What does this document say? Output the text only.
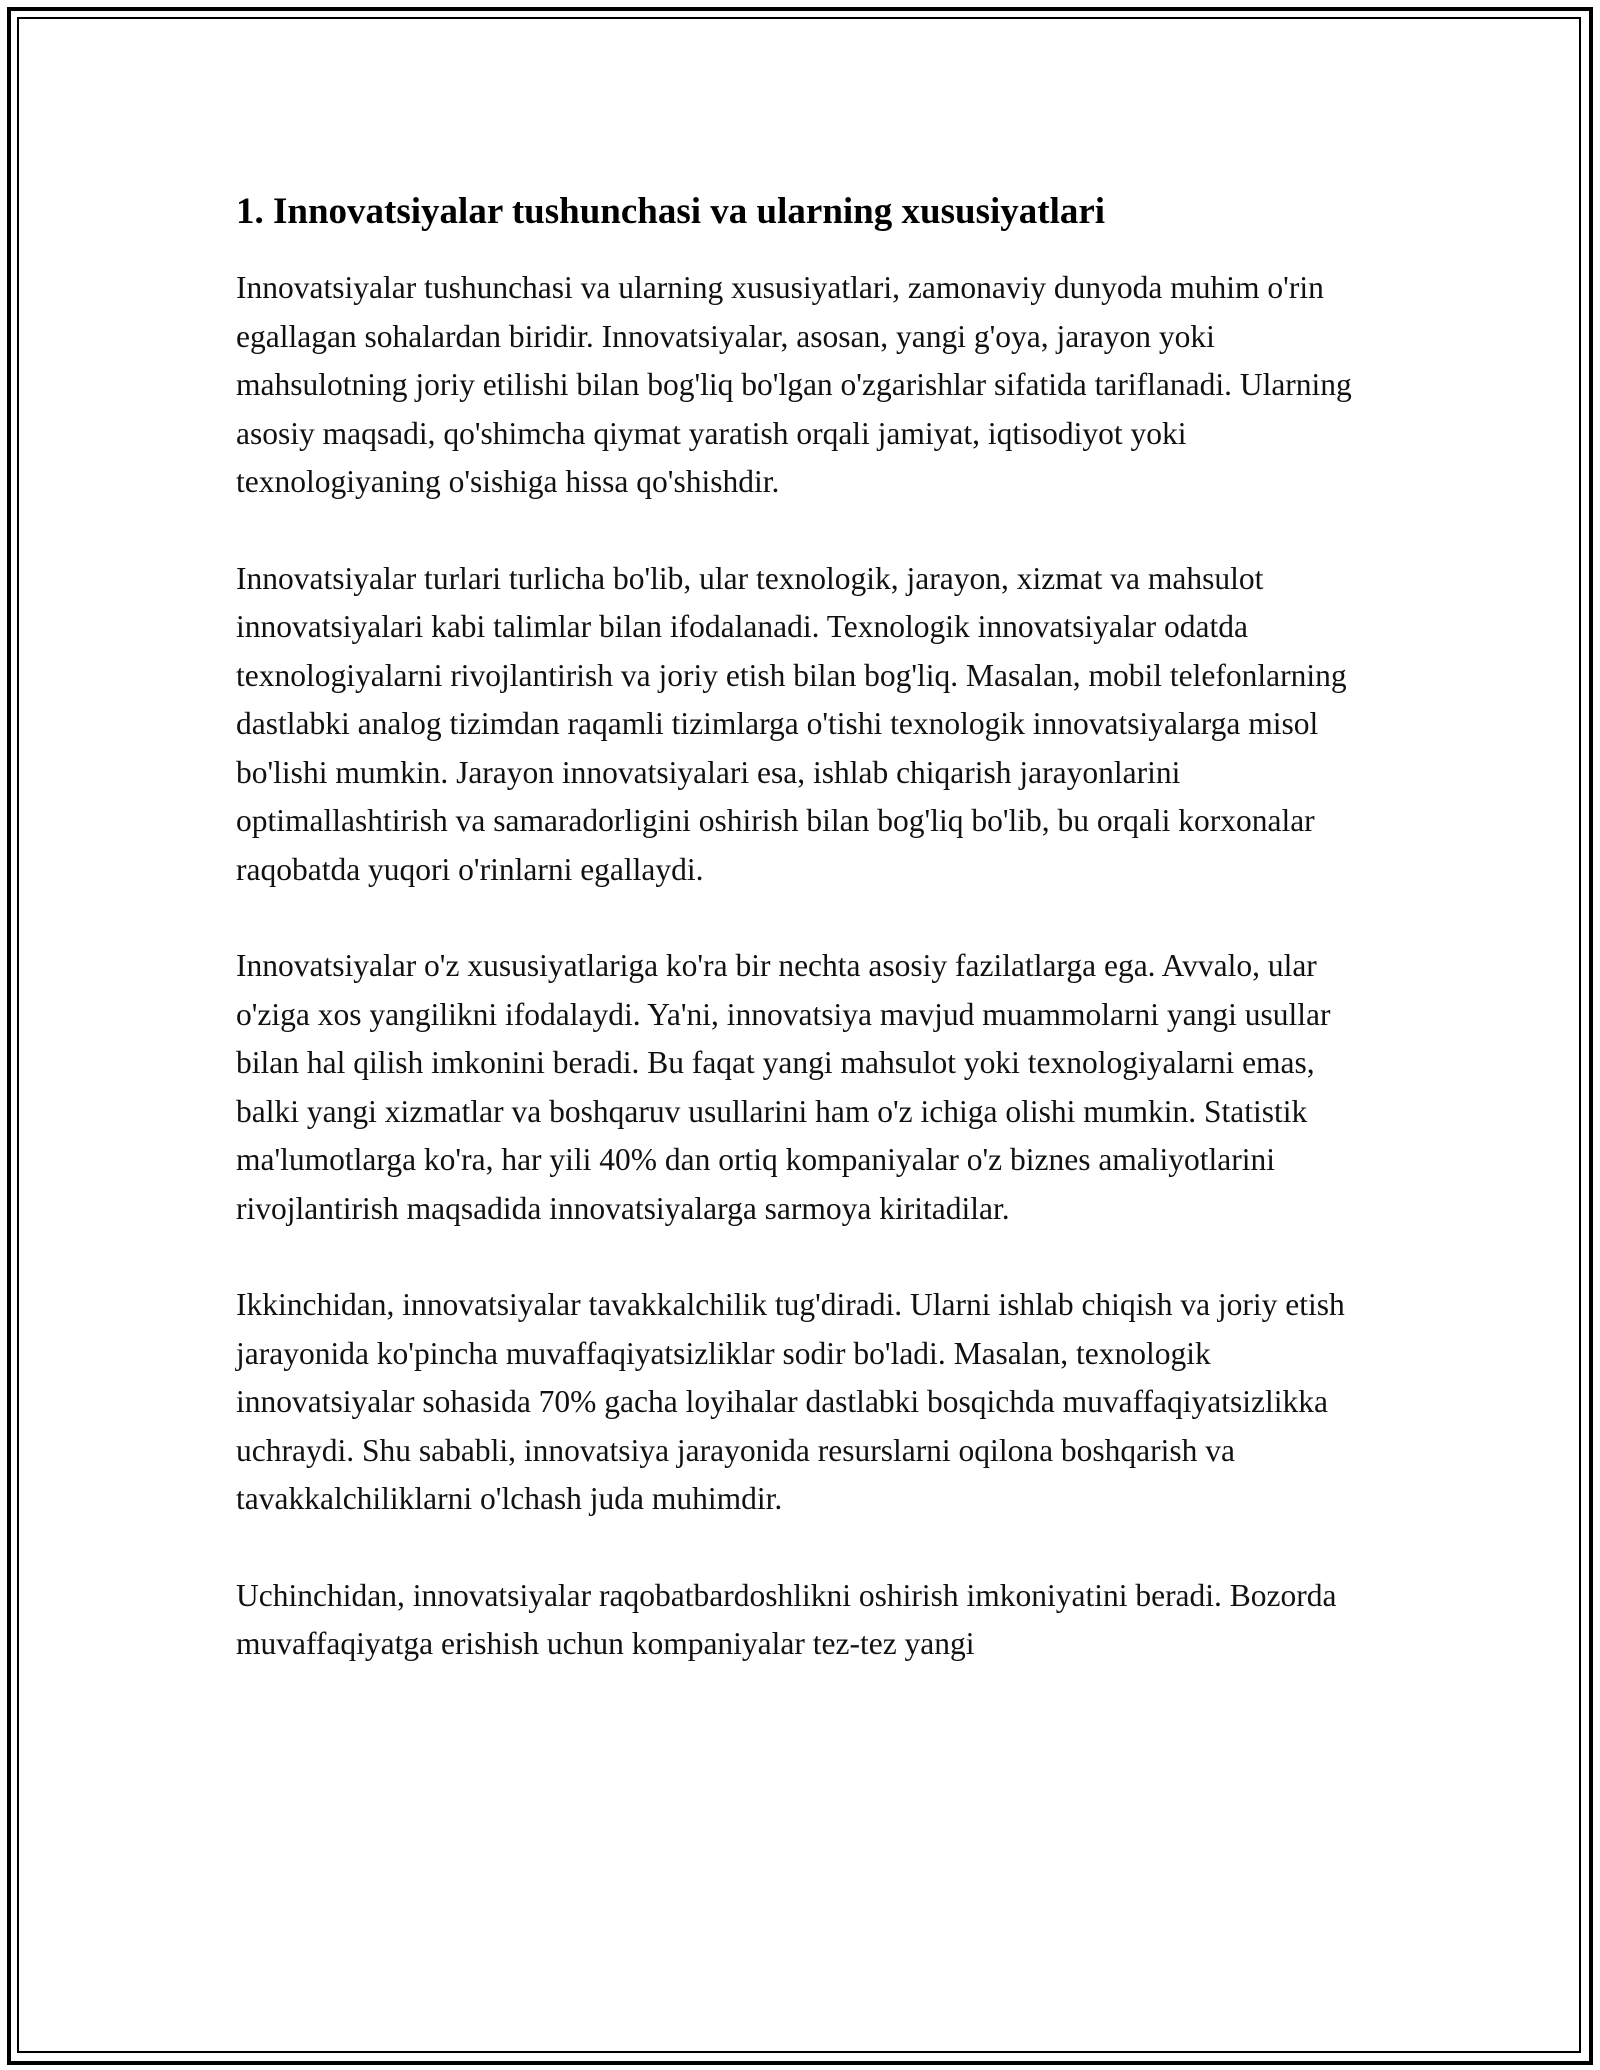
1. Innovatsiyalar tushunchasi va ularning xususiyatlari

Innovatsiyalar tushunchasi va ularning xususiyatlari, zamonaviy dunyoda muhim o'rin egallagan sohalardan biridir. Innovatsiyalar, asosan, yangi g'oya, jarayon yoki mahsulotning joriy etilishi bilan bog'liq bo'lgan o'zgarishlar sifatida tariflanadi. Ularning asosiy maqsadi, qo'shimcha qiymat yaratish orqali jamiyat, iqtisodiyot yoki texnologiyaning o'sishiga hissa qo'shishdir.

Innovatsiyalar turlari turlicha bo'lib, ular texnologik, jarayon, xizmat va mahsulot innovatsiyalari kabi talimlar bilan ifodalanadi. Texnologik innovatsiyalar odatda texnologiyalarni rivojlantirish va joriy etish bilan bog'liq. Masalan, mobil telefonlarning dastlabki analog tizimdan raqamli tizimlarga o'tishi texnologik innovatsiyalarga misol bo'lishi mumkin. Jarayon innovatsiyalari esa, ishlab chiqarish jarayonlarini optimallashtirish va samaradorligini oshirish bilan bog'liq bo'lib, bu orqali korxonalar raqobatda yuqori o'rinlarni egallaydi.

Innovatsiyalar o'z xususiyatlariga ko'ra bir nechta asosiy fazilatlarga ega. Avvalo, ular o'ziga xos yangilikni ifodalaydi. Ya'ni, innovatsiya mavjud muammolarni yangi usullar bilan hal qilish imkonini beradi. Bu faqat yangi mahsulot yoki texnologiyalarni emas, balki yangi xizmatlar va boshqaruv usullarini ham o'z ichiga olishi mumkin. Statistik ma'lumotlarga ko'ra, har yili 40% dan ortiq kompaniyalar o'z biznes amaliyotlarini rivojlantirish maqsadida innovatsiyalarga sarmoya kiritadilar.

Ikkinchidan, innovatsiyalar tavakkalchilik tug'diradi. Ularni ishlab chiqish va joriy etish jarayonida ko'pincha muvaffaqiyatsizliklar sodir bo'ladi. Masalan, texnologik innovatsiyalar sohasida 70% gacha loyihalar dastlabki bosqichda muvaffaqiyatsizlikka uchraydi. Shu sababli, innovatsiya jarayonida resurslarni oqilona boshqarish va tavakkalchiliklarni o'lchash juda muhimdir.

Uchinchidan, innovatsiyalar raqobatbardoshlikni oshirish imkoniyatini beradi. Bozorda muvaffaqiyatga erishish uchun kompaniyalar tez-tez yangi
